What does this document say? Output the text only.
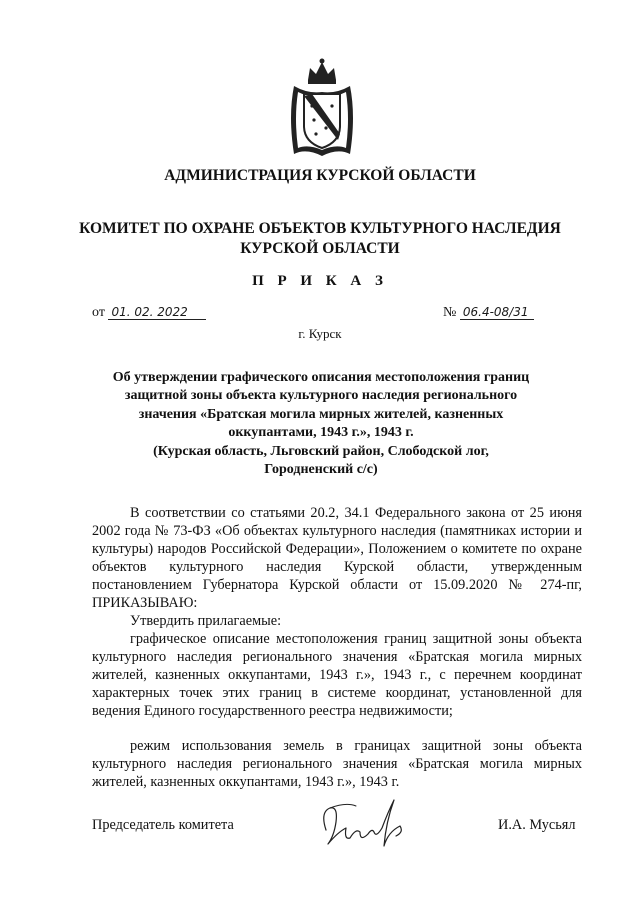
АДМИНИСТРАЦИЯ КУРСКОЙ ОБЛАСТИ
КОМИТЕТ ПО ОХРАНЕ ОБЪЕКТОВ КУЛЬТУРНОГО НАСЛЕДИЯ
КУРСКОЙ ОБЛАСТИ
П Р И К А З
от 01. 02. 2022	№ 06.4-08/31
г. Курск
Об утверждении графического описания местоположения границ
защитной зоны объекта культурного наследия регионального
значения «Братская могила мирных жителей, казненных
оккупантами, 1943 г.», 1943 г.
(Курская область, Льговский район, Слободской лог,
Городненский с/с)

В соответствии со статьями 20.2, 34.1 Федерального закона от 25 июня 2002 года № 73-ФЗ «Об объектах культурного наследия (памятниках истории и культуры) народов Российской Федерации», Положением о комитете по охране объектов культурного наследия Курской области, утвержденным постановлением Губернатора Курской области от 15.09.2020 № 274-пг, ПРИКАЗЫВАЮ:

Утвердить прилагаемые:

графическое описание местоположения границ защитной зоны объекта культурного наследия регионального значения «Братская могила мирных жителей, казненных оккупантами, 1943 г.», 1943 г., с перечнем координат характерных точек этих границ в системе координат, установленной для ведения Единого государственного реестра недвижимости;

режим использования земель в границах защитной зоны объекта культурного наследия регионального значения «Братская могила мирных жителей, казненных оккупантами, 1943 г.», 1943 г.

Председатель комитета	И.А. Мусьял
